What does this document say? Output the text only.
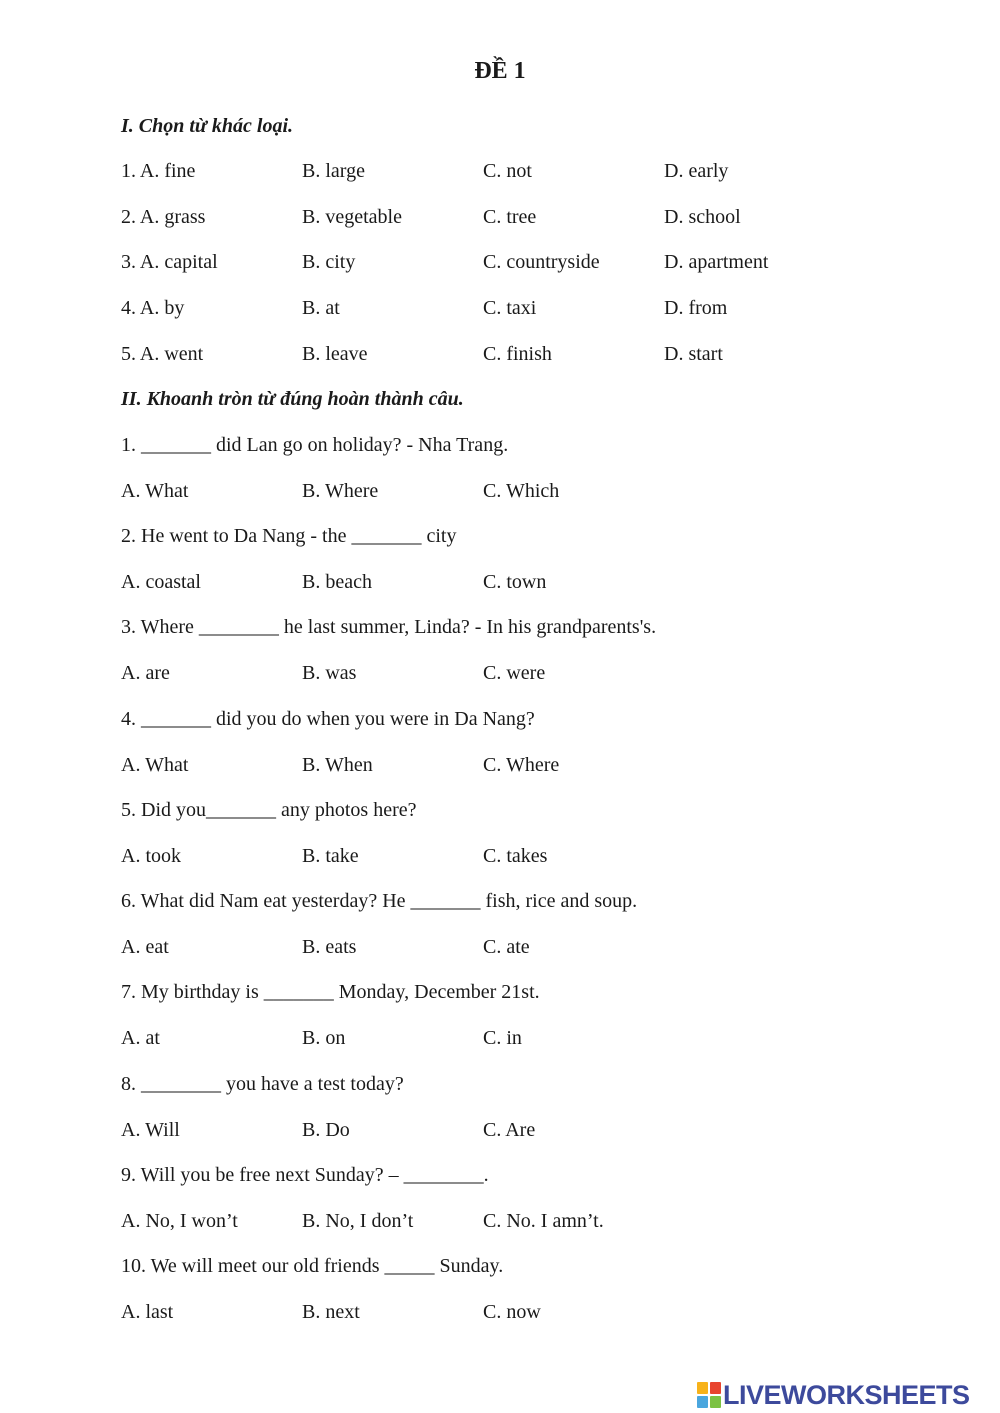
ĐỀ 1
I. Chọn từ khác loại.
1. A. fine	B. large	C. not	D. early
2. A. grass	B. vegetable	C. tree	D. school
3. A. capital	B. city	C. countryside	D. apartment
4. A. by	B. at	C. taxi	D. from
5. A. went	B. leave	C. finish	D. start
II. Khoanh tròn từ đúng hoàn thành câu.
1. _______ did Lan go on holiday? - Nha Trang.
A. What	B. Where	C. Which
2. He went to Da Nang - the _______ city
A. coastal	B. beach	C. town
3. Where ________ he last summer, Linda? - In his grandparents's.
A. are	B. was	C. were
4. _______ did you do when you were in Da Nang?
A. What	B. When	C. Where
5. Did you_______ any photos here?
A. took	B. take	C. takes
6. What did Nam eat yesterday? He _______ fish, rice and soup.
A. eat	B. eats	C. ate
7. My birthday is _______ Monday, December 21st.
A. at	B. on	C. in
8. ________ you have a test today?
A. Will	B. Do	C. Are
9. Will you be free next Sunday? – ________.
A. No, I won’t	B. No, I don’t	C. No. I amn’t.
10. We will meet our old friends _____ Sunday.
A. last	B. next	C. now
LIVEWORKSHEETS
